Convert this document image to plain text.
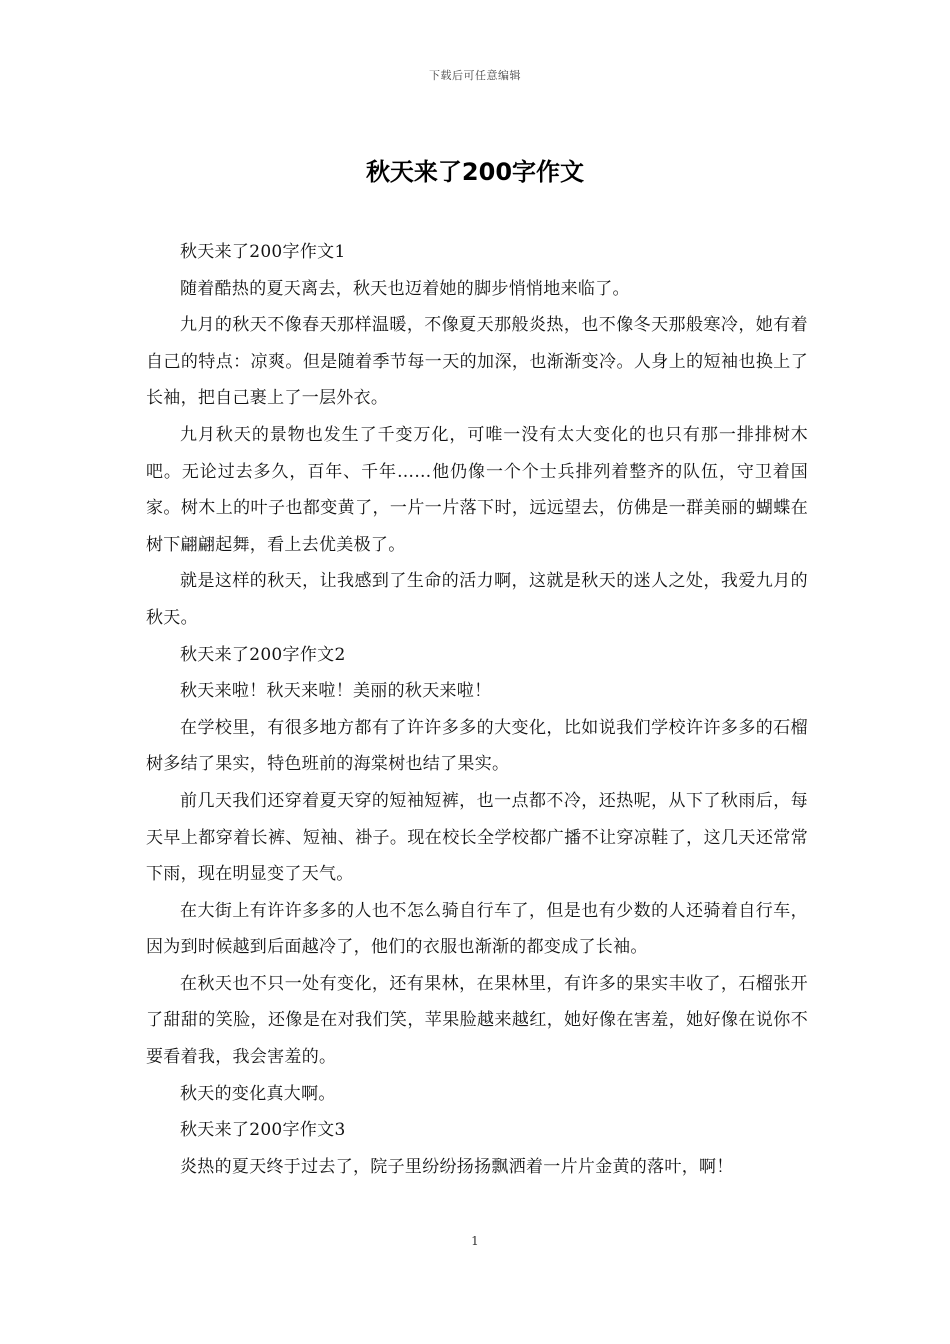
下载后可任意编辑
秋天来了200字作文

秋天来了200字作文1

随着酷热的夏天离去，秋天也迈着她的脚步悄悄地来临了。

九月的秋天不像春天那样温暖，不像夏天那般炎热，也不像冬天那般寒冷，她有着自己的特点：凉爽。但是随着季节每一天的加深，也渐渐变冷。人身上的短袖也换上了长袖，把自己裹上了一层外衣。

九月秋天的景物也发生了千变万化，可唯一没有太大变化的也只有那一排排树木吧。无论过去多久，百年、千年……他仍像一个个士兵排列着整齐的队伍，守卫着国家。树木上的叶子也都变黄了，一片一片落下时，远远望去，仿佛是一群美丽的蝴蝶在树下翩翩起舞，看上去优美极了。

就是这样的秋天，让我感到了生命的活力啊，这就是秋天的迷人之处，我爱九月的秋天。

秋天来了200字作文2

秋天来啦！秋天来啦！美丽的秋天来啦！

在学校里，有很多地方都有了许许多多的大变化，比如说我们学校许许多多的石榴树多结了果实，特色班前的海棠树也结了果实。

前几天我们还穿着夏天穿的短袖短裤，也一点都不冷，还热呢，从下了秋雨后，每天早上都穿着长裤、短袖、褂子。现在校长全学校都广播不让穿凉鞋了，这几天还常常下雨，现在明显变了天气。

在大街上有许许多多的人也不怎么骑自行车了，但是也有少数的人还骑着自行车，因为到时候越到后面越冷了，他们的衣服也渐渐的都变成了长袖。

在秋天也不只一处有变化，还有果林，在果林里，有许多的果实丰收了，石榴张开了甜甜的笑脸，还像是在对我们笑，苹果脸越来越红，她好像在害羞，她好像在说你不要看着我，我会害羞的。

秋天的变化真大啊。

秋天来了200字作文3

炎热的夏天终于过去了，院子里纷纷扬扬飘洒着一片片金黄的落叶，啊！

1
